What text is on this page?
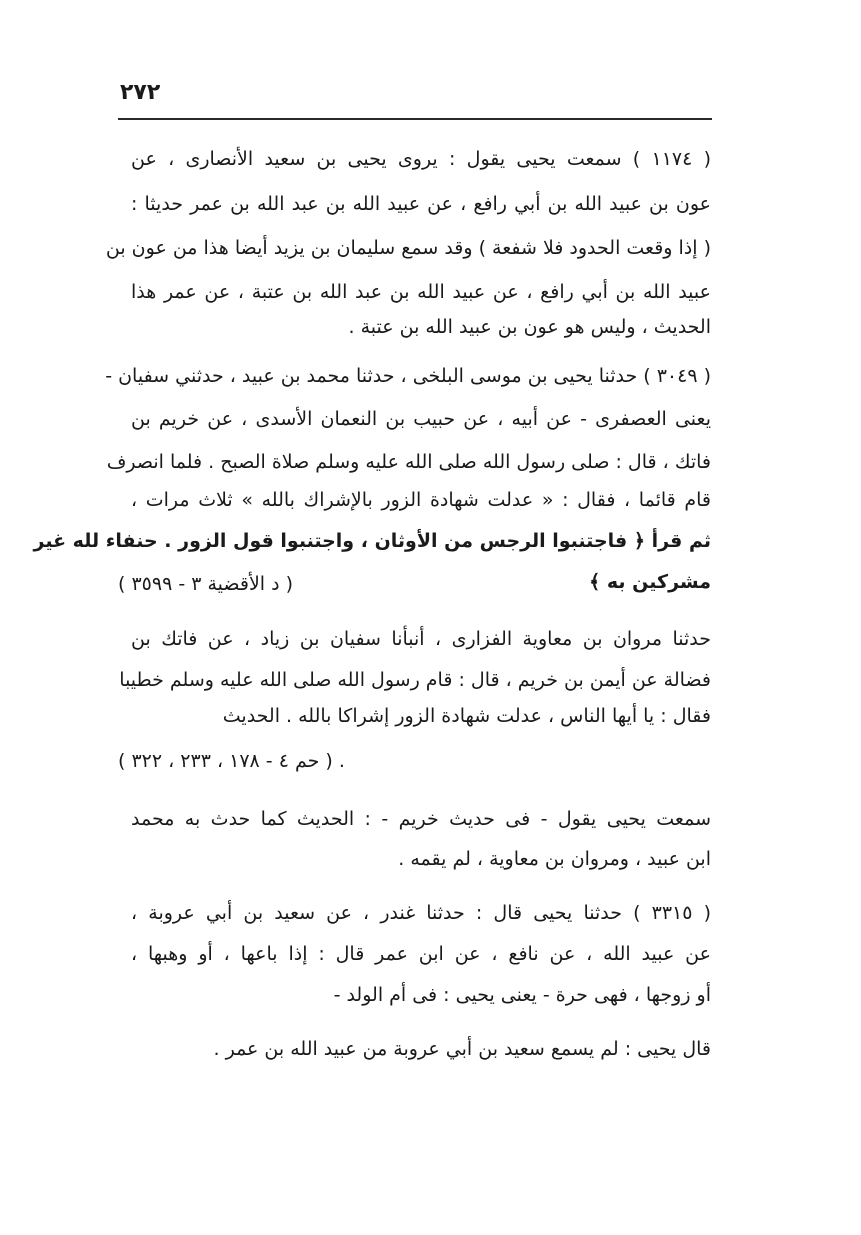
٢٧٢
( ١١٧٤ ) سمعت يحيى يقول : يروى يحيى بن سعيد الأنصارى ، عن
عون بن عبيد الله بن أبي رافع ، عن عبيد الله بن عبد الله بن عمر حديثا :
( إذا وقعت الحدود فلا شفعة ) وقد سمع سليمان بن يزيد أيضا هذا من عون بن
عبيد الله بن أبي رافع ، عن عبيد الله بن عبد الله بن عتبة ، عن عمر هذا
الحديث ، وليس هو عون بن عبيد الله بن عتبة .
( ٣٠٤٩ ) حدثنا يحيى بن موسى البلخى ، حدثنا محمد بن عبيد ، حدثني سفيان -
يعنى العصفرى - عن أبيه ، عن حبيب بن النعمان الأسدى ، عن خريم بن
فاتك ، قال : صلى رسول الله صلى الله عليه وسلم صلاة الصبح . فلما انصرف
قام قائما ، فقال : « عدلت شهادة الزور بالإشراك بالله » ثلاث مرات ،
ثم قرأ ﴿ فاجتنبوا الرجس من الأوثان ، واجتنبوا قول الزور . حنفاء لله غير
مشركين به ﴾
( د الأقضية ٣ - ٣٥٩٩ )
حدثنا مروان بن معاوية الفزارى ، أنبأنا سفيان بن زياد ، عن فاتك بن
فضالة عن أيمن بن خريم ، قال : قام رسول الله صلى الله عليه وسلم خطيبا
فقال : يا أيها الناس ، عدلت شهادة الزور إشراكا بالله . الحديث
. ( حم ٤ - ١٧٨ ، ٢٣٣ ، ٣٢٢ )
سمعت يحيى يقول - فى حديث خريم - : الحديث كما حدث به محمد
ابن عبيد ، ومروان بن معاوية ، لم يقمه .
( ٣٣١٥ ) حدثنا يحيى قال : حدثنا غندر ، عن سعيد بن أبي عروبة ،
عن عبيد الله ، عن نافع ، عن ابن عمر قال : إذا باعها ، أو وهبها ،
أو زوجها ، فهى حرة - يعنى يحيى : فى أم الولد -
قال يحيى : لم يسمع سعيد بن أبي عروبة من عبيد الله بن عمر .
